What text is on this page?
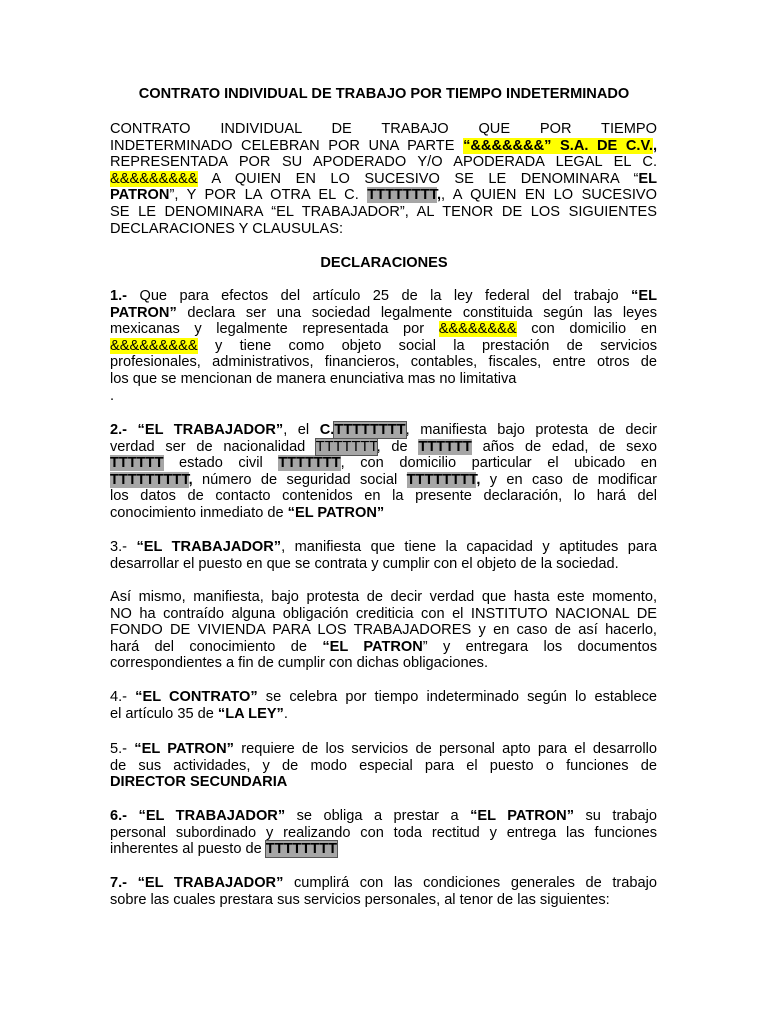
CONTRATO INDIVIDUAL DE TRABAJO POR TIEMPO INDETERMINADO
CONTRATO INDIVIDUAL DE TRABAJO QUE POR TIEMPO
INDETERMINADO CELEBRAN POR UNA PARTE “&&&&&&&” S.A. DE C.V.,
REPRESENTADA POR SU APODERADO Y/O APODERADA LEGAL EL C.
&&&&&&&&& A QUIEN EN LO SUCESIVO SE LE DENOMINARA “EL
PATRON”, Y POR LA OTRA EL C. TTTTTTTT,, A QUIEN EN LO SUCESIVO
SE LE DENOMINARA “EL TRABAJADOR”, AL TENOR DE LOS SIGUIENTES
DECLARACIONES Y CLAUSULAS:
DECLARACIONES
1.- Que para efectos del artículo 25 de la ley federal del trabajo “EL
PATRON” declara ser una sociedad legalmente constituida según las leyes
mexicanas y legalmente representada por &&&&&&&& con domicilio en
&&&&&&&&& y tiene como objeto social la prestación de servicios
profesionales, administrativos, financieros, contables, fiscales, entre otros de
los que se mencionan de manera enunciativa mas no limitativa
.
2.- “EL TRABAJADOR”, el C.TTTTTTTT, manifiesta bajo protesta de decir
verdad ser de nacionalidad TTTTTTT, de TTTTTT años de edad, de sexo
TTTTTT estado civil TTTTTTT, con domicilio particular el ubicado en
TTTTTTTTT, número de seguridad social TTTTTTTT, y en caso de modificar
los datos de contacto contenidos en la presente declaración, lo hará del
conocimiento inmediato de “EL PATRON”
3.- “EL TRABAJADOR”, manifiesta que tiene la capacidad y aptitudes para
desarrollar el puesto en que se contrata y cumplir con el objeto de la sociedad.
Así mismo, manifiesta, bajo protesta de decir verdad que hasta este momento,
NO ha contraído alguna obligación crediticia con el INSTITUTO NACIONAL DE
FONDO DE VIVIENDA PARA LOS TRABAJADORES y en caso de así hacerlo,
hará del conocimiento de “EL PATRON” y entregara los documentos
correspondientes a fin de cumplir con dichas obligaciones.
4.- “EL CONTRATO” se celebra por tiempo indeterminado según lo establece
el artículo 35 de “LA LEY”.
5.- “EL PATRON” requiere de los servicios de personal apto para el desarrollo
de sus actividades, y de modo especial para el puesto o funciones de
DIRECTOR SECUNDARIA
6.- “EL TRABAJADOR” se obliga a prestar a “EL PATRON” su trabajo
personal subordinado y realizando con toda rectitud y entrega las funciones
inherentes al puesto de TTTTTTTT
7.- “EL TRABAJADOR” cumplirá con las condiciones generales de trabajo
sobre las cuales prestara sus servicios personales, al tenor de las siguientes:
